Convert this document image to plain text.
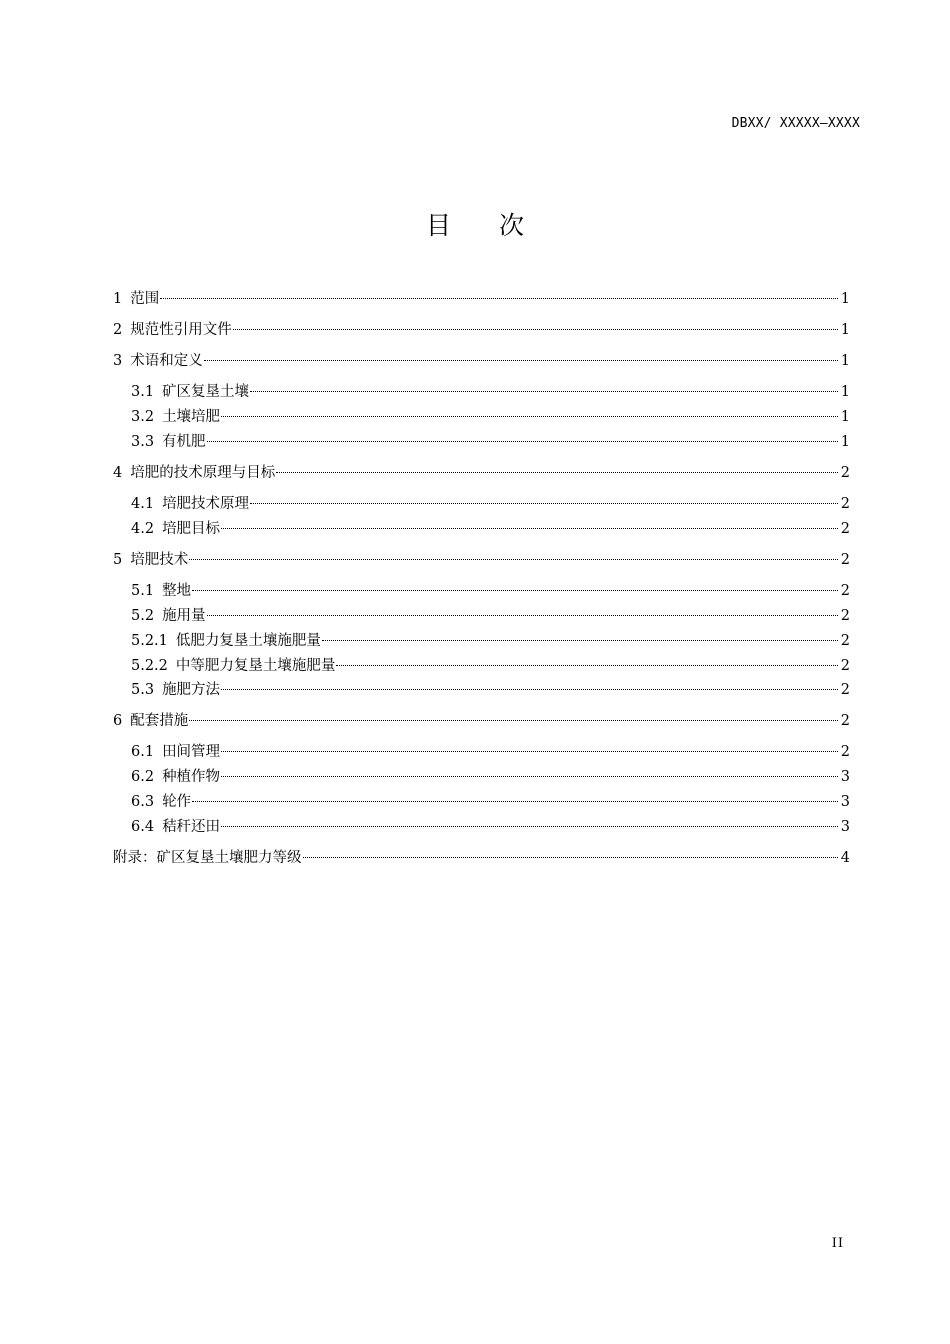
DBXX/ XXXXX—XXXX
目次
1 范围	1
2 规范性引用文件	1
3 术语和定义	1
3.1 矿区复垦土壤	1
3.2 土壤培肥	1
3.3 有机肥	1
4 培肥的技术原理与目标	2
4.1 培肥技术原理	2
4.2 培肥目标	2
5 培肥技术	2
5.1 整地	2
5.2 施用量	2
5.2.1 低肥力复垦土壤施肥量	2
5.2.2 中等肥力复垦土壤施肥量	2
5.3 施肥方法	2
6 配套措施	2
6.1 田间管理	2
6.2 种植作物	3
6.3 轮作	3
6.4 秸秆还田	3
附录：矿区复垦土壤肥力等级	4
II
